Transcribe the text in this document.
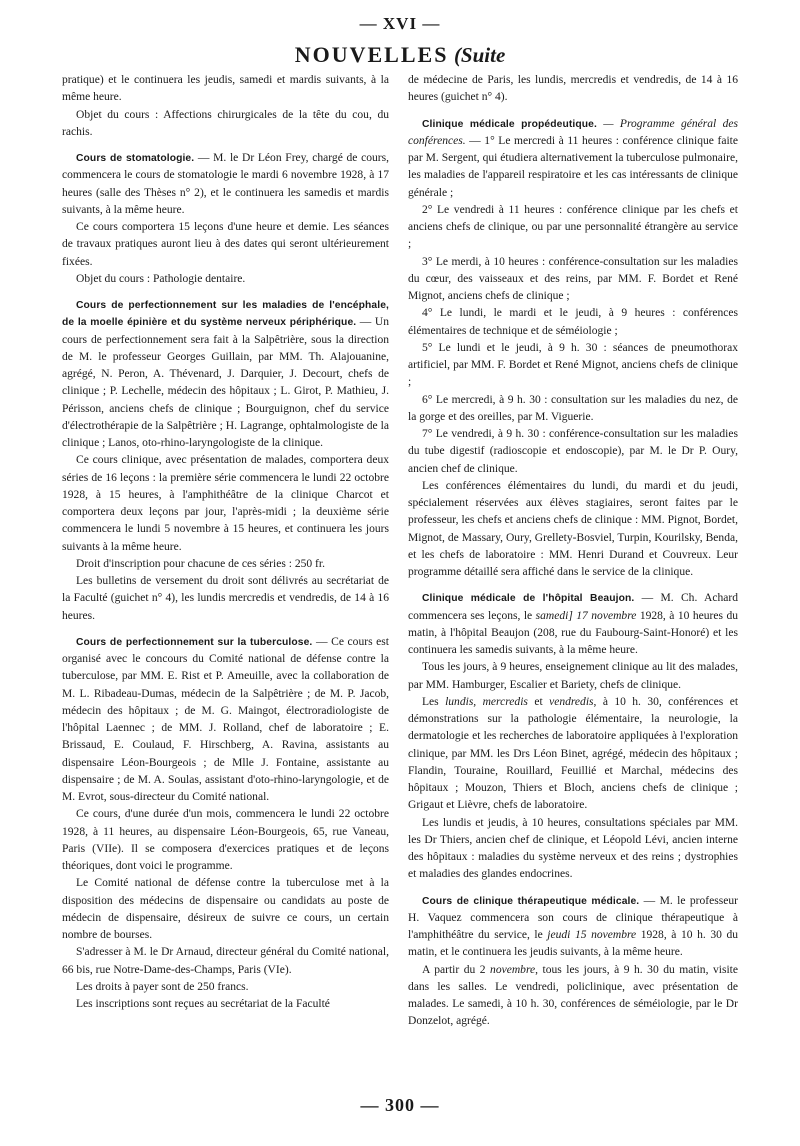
— XVI —
NOUVELLES (Suite

pratique) et le continuera les jeudis, samedi et mardis suivants, à la même heure.

Objet du cours : Affections chirurgicales de la tête du cou, du rachis.

Cours de stomatologie. — M. le Dr Léon Frey, chargé de cours, commencera le cours de stomatologie le mardi 6 novembre 1928, à 17 heures (salle des Thèses n° 2), et le continuera les samedis et mardis suivants, à la même heure.

Ce cours comportera 15 leçons d'une heure et demie. Les séances de travaux pratiques auront lieu à des dates qui seront ultérieurement fixées.

Objet du cours : Pathologie dentaire.

Cours de perfectionnement sur les maladies de l'encéphale, de la moelle épinière et du système nerveux périphérique. — Un cours de perfectionnement sera fait à la Salpêtrière, sous la direction de M. le professeur Georges Guillain, par MM. Th. Alajouanine, agrégé, N. Peron, A. Thévenard, J. Darquier, J. Decourt, chefs de clinique ; P. Lechelle, médecin des hôpitaux ; L. Girot, P. Mathieu, J. Périsson, anciens chefs de clinique ; Bourguignon, chef du service d'électrothérapie de la Salpêtrière ; H. Lagrange, ophtalmologiste de la clinique ; Lanos, oto-rhino-laryngologiste de la clinique.

Ce cours clinique, avec présentation de malades, comportera deux séries de 16 leçons : la première série commencera le lundi 22 octobre 1928, à 15 heures, à l'amphithéâtre de la clinique Charcot et comportera deux leçons par jour, l'après-midi ; la deuxième série commencera le lundi 5 novembre à 15 heures, et continuera les jours suivants à la même heure.

Droit d'inscription pour chacune de ces séries : 250 fr.

Les bulletins de versement du droit sont délivrés au secrétariat de la Faculté (guichet n° 4), les lundis mercredis et vendredis, de 14 à 16 heures.

Cours de perfectionnement sur la tuberculose. — Ce cours est organisé avec le concours du Comité national de défense contre la tuberculose, par MM. E. Rist et P. Ameuille, avec la collaboration de M. L. Ribadeau-Dumas, médecin de la Salpêtrière ; de M. P. Jacob, médecin des hôpitaux ; de M. G. Maingot, électroradiologiste de l'hôpital Laennec ; de MM. J. Rolland, chef de laboratoire ; E. Brissaud, E. Coulaud, F. Hirschberg, A. Ravina, assistants au dispensaire Léon-Bourgeois ; de Mlle J. Fontaine, assistante au dispensaire ; de M. A. Soulas, assistant d'oto-rhino-laryngologie, et de M. Evrot, sous-directeur du Comité national.

Ce cours, d'une durée d'un mois, commencera le lundi 22 octobre 1928, à 11 heures, au dispensaire Léon-Bourgeois, 65, rue Vaneau, Paris (VIIe). Il se composera d'exercices pratiques et de leçons théoriques, dont voici le programme.

Le Comité national de défense contre la tuberculose met à la disposition des médecins de dispensaire ou candidats au poste de médecin de dispensaire, désireux de suivre ce cours, un certain nombre de bourses.

S'adresser à M. le Dr Arnaud, directeur général du Comité national, 66 bis, rue Notre-Dame-des-Champs, Paris (VIe).

Les droits à payer sont de 250 francs.

Les inscriptions sont reçues au secrétariat de la Faculté

de médecine de Paris, les lundis, mercredis et vendredis, de 14 à 16 heures (guichet n° 4).

Clinique médicale propédeutique. — Programme général des conférences. — 1° Le mercredi à 11 heures : conférence clinique faite par M. Sergent, qui étudiera alternativement la tuberculose pulmonaire, les maladies de l'appareil respiratoire et les cas intéressants de clinique générale ;

2° Le vendredi à 11 heures : conférence clinique par les chefs et anciens chefs de clinique, ou par une personnalité étrangère au service ;

3° Le merdi, à 10 heures : conférence-consultation sur les maladies du cœur, des vaisseaux et des reins, par MM. F. Bordet et René Mignot, anciens chefs de clinique ;

4° Le lundi, le mardi et le jeudi, à 9 heures : conférences élémentaires de technique et de séméiologie ;

5° Le lundi et le jeudi, à 9 h. 30 : séances de pneumothorax artificiel, par MM. F. Bordet et René Mignot, anciens chefs de clinique ;

6° Le mercredi, à 9 h. 30 : consultation sur les maladies du nez, de la gorge et des oreilles, par M. Viguerie.

7° Le vendredi, à 9 h. 30 : conférence-consultation sur les maladies du tube digestif (radioscopie et endoscopie), par M. le Dr P. Oury, ancien chef de clinique.

Les conférences élémentaires du lundi, du mardi et du jeudi, spécialement réservées aux élèves stagiaires, seront faites par le professeur, les chefs et anciens chefs de clinique : MM. Pignot, Bordet, Mignot, de Massary, Oury, Grellety-Bosviel, Turpin, Kourilsky, Benda, et les chefs de laboratoire : MM. Henri Durand et Couvreux. Leur programme détaillé sera affiché dans le service de la clinique.

Clinique médicale de l'hôpital Beaujon. — M. Ch. Achard commencera ses leçons, le samedi] 17 novembre 1928, à 10 heures du matin, à l'hôpital Beaujon (208, rue du Faubourg-Saint-Honoré) et les continuera les samedis suivants, à la même heure.

Tous les jours, à 9 heures, enseignement clinique au lit des malades, par MM. Hamburger, Escalier et Bariety, chefs de clinique.

Les lundis, mercredis et vendredis, à 10 h. 30, conférences et démonstrations sur la pathologie élémentaire, la neurologie, la dermatologie et les recherches de laboratoire appliquées à l'exploration clinique, par MM. les Drs Léon Binet, agrégé, médecin des hôpitaux ; Flandin, Touraine, Rouillard, Feuillié et Marchal, médecins des hôpitaux ; Mouzon, Thiers et Bloch, anciens chefs de clinique ; Grigaut et Lièvre, chefs de laboratoire.

Les lundis et jeudis, à 10 heures, consultations spéciales par MM. les Dr Thiers, ancien chef de clinique, et Léopold Lévi, ancien interne des hôpitaux : maladies du système nerveux et des reins ; dystrophies et maladies des glandes endocrines.

Cours de clinique thérapeutique médicale. — M. le professeur H. Vaquez commencera son cours de clinique thérapeutique à l'amphithéâtre du service, le jeudi 15 novembre 1928, à 10 h. 30 du matin, et le continuera les jeudis suivants, à la même heure.

A partir du 2 novembre, tous les jours, à 9 h. 30 du matin, visite dans les salles. Le vendredi, policlinique, avec présentation de malades. Le samedi, à 10 h. 30, conférences de séméiologie, par le Dr Donzelot, agrégé.

— 300 —
